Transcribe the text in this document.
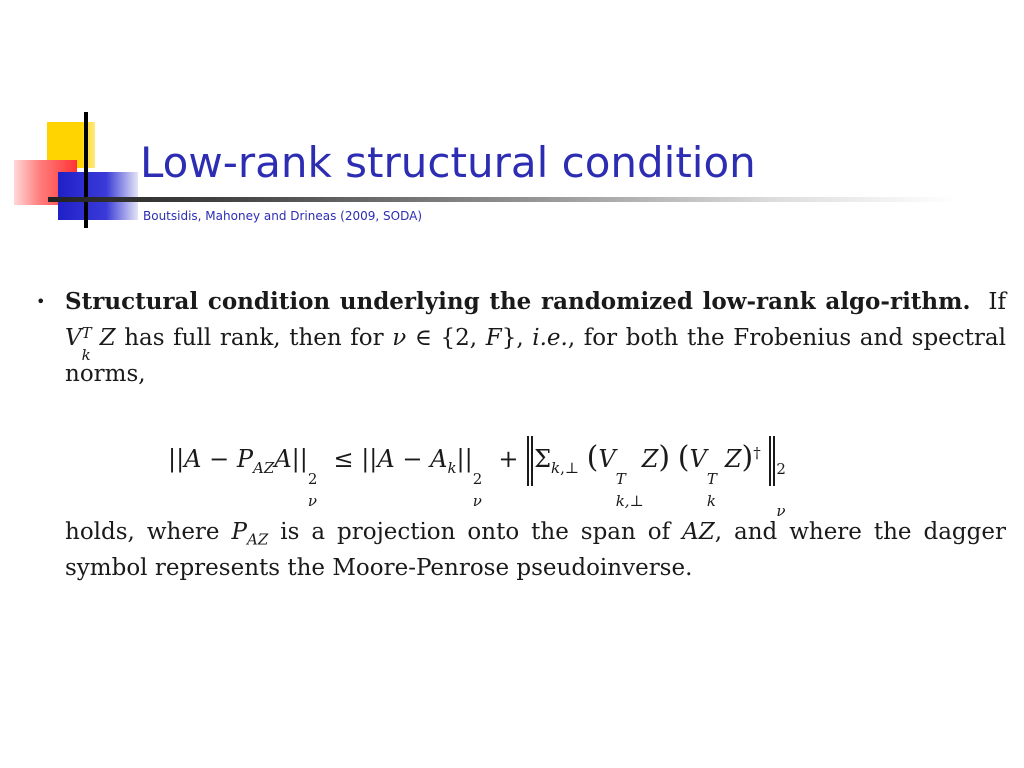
Low-rank structural condition
Boutsidis, Mahoney and Drineas (2009, SODA)
• Structural condition underlying the randomized low-rank algo-rithm.  If V T
k
Z has full rank, then for ν ∈ {2, F}, i.e., for both the Frobenius and spectral norms,
$||A - P_{AZ}A||$
2
ν
≤ $||A - A_k||$
2
ν
+ $\Sigma_{k,\perp}$ (V
T
k,⊥
Z) (V
T
k
Z)†
2
ν
holds, where $P_{AZ}$ is a projection onto the span of AZ, and where the dagger symbol represents the Moore-Penrose pseudoinverse.
